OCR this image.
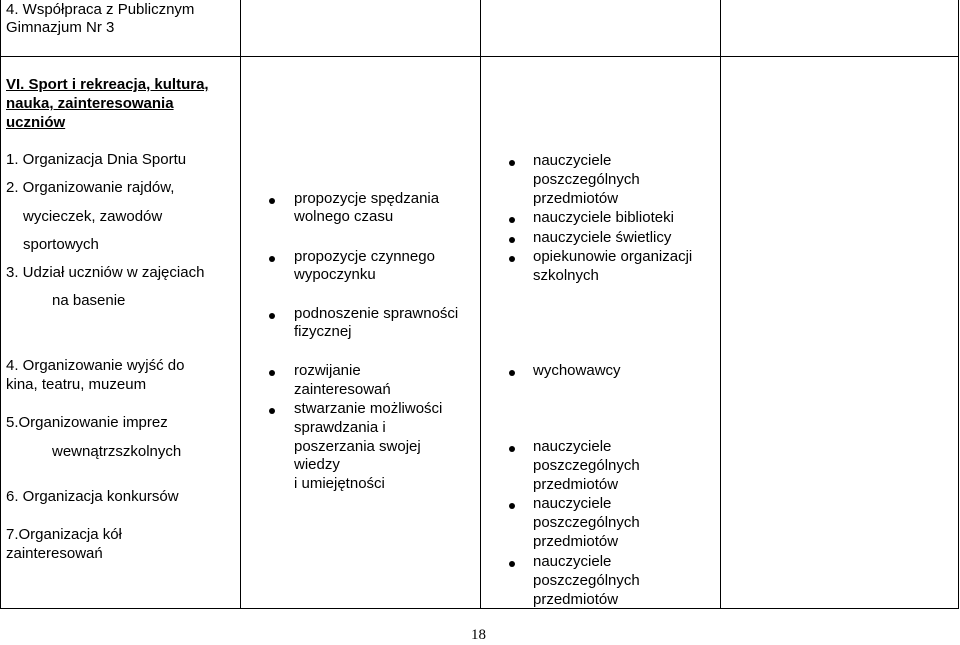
4. Współpraca z Publicznym
Gimnazjum Nr 3
VI. Sport i rekreacja, kultura,
nauka, zainteresowania
uczniów
1. Organizacja Dnia Sportu
2. Organizowanie rajdów,
wycieczek, zawodów
sportowych
3. Udział uczniów w zajęciach
na basenie
4. Organizowanie wyjść do
kina, teatru, muzeum
5.Organizowanie imprez
wewnątrzszkolnych
6. Organizacja konkursów
7.Organizacja kół
zainteresowań
propozycje spędzania
wolnego czasu
propozycje czynnego
wypoczynku
podnoszenie sprawności
fizycznej
rozwijanie
zainteresowań
stwarzanie możliwości
sprawdzania i
poszerzania swojej
wiedzy
i umiejętności
nauczyciele
poszczególnych
przedmiotów
nauczyciele biblioteki
nauczyciele świetlicy
opiekunowie organizacji
szkolnych
wychowawcy
nauczyciele
poszczególnych
przedmiotów
nauczyciele
poszczególnych
przedmiotów
nauczyciele
poszczególnych
przedmiotów
18
